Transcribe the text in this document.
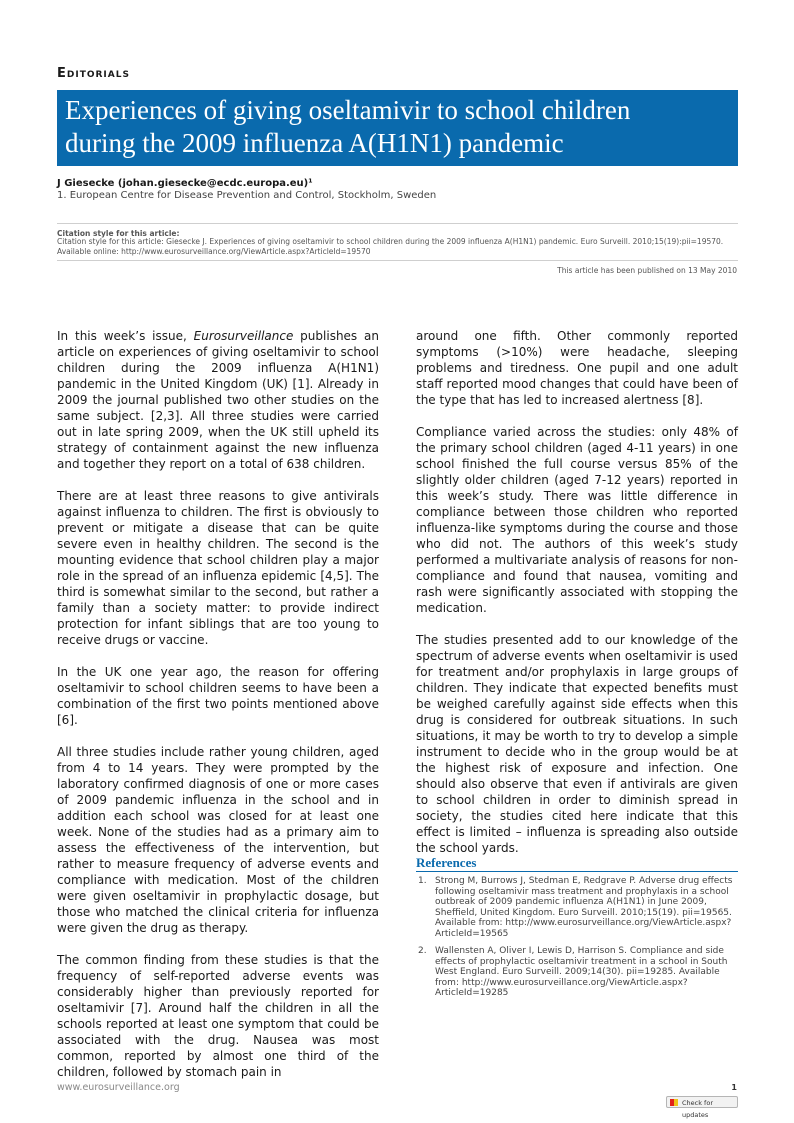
Editorials
Experiences of giving oseltamivir to school children
during the 2009 influenza A(H1N1) pandemic
J Giesecke (johan.giesecke@ecdc.europa.eu)¹
1. European Centre for Disease Prevention and Control, Stockholm, Sweden
Citation style for this article:
Citation style for this article: Giesecke J. Experiences of giving oseltamivir to school children during the 2009 influenza A(H1N1) pandemic. Euro Surveill. 2010;15(19):pii=19570. Available online: http://www.eurosurveillance.org/ViewArticle.aspx?ArticleId=19570
This article has been published on 13 May 2010

In this week’s issue, Eurosurveillance publishes an article on experiences of giving oseltamivir to school children during the 2009 influenza A(H1N1) pandemic in the United Kingdom (UK) [1]. Already in 2009 the journal published two other studies on the same subject. [2,3]. All three studies were carried out in late spring 2009, when the UK still upheld its strategy of containment against the new influenza and together they report on a total of 638 children.

There are at least three reasons to give antivirals against influenza to children. The first is obviously to prevent or mitigate a disease that can be quite severe even in healthy children. The second is the mounting evidence that school children play a major role in the spread of an influenza epidemic [4,5]. The third is somewhat similar to the second, but rather a family than a society matter: to provide indirect protection for infant siblings that are too young to receive drugs or vaccine.

In the UK one year ago, the reason for offering oseltamivir to school children seems to have been a combination of the first two points mentioned above [6].

All three studies include rather young children, aged from 4 to 14 years. They were prompted by the laboratory confirmed diagnosis of one or more cases of 2009 pandemic influenza in the school and in addition each school was closed for at least one week. None of the studies had as a primary aim to assess the effectiveness of the intervention, but rather to measure frequency of adverse events and compliance with medication. Most of the children were given oseltamivir in prophylactic dosage, but those who matched the clinical criteria for influenza were given the drug as therapy.

The common finding from these studies is that the frequency of self-reported adverse events was considerably higher than previously reported for oseltamivir [7]. Around half the children in all the schools reported at least one symptom that could be associated with the drug. Nausea was most common, reported by almost one third of the children, followed by stomach pain in

around one fifth. Other commonly reported symptoms (>10%) were headache, sleeping problems and tiredness. One pupil and one adult staff reported mood changes that could have been of the type that has led to increased alertness [8].

Compliance varied across the studies: only 48% of the primary school children (aged 4-11 years) in one school finished the full course versus 85% of the slightly older children (aged 7-12 years) reported in this week’s study. There was little difference in compliance between those children who reported influenza-like symptoms during the course and those who did not. The authors of this week’s study performed a multivariate analysis of reasons for non-compliance and found that nausea, vomiting and rash were significantly associated with stopping the medication.

The studies presented add to our knowledge of the spectrum of adverse events when oseltamivir is used for treatment and/or prophylaxis in large groups of children. They indicate that expected benefits must be weighed carefully against side effects when this drug is considered for outbreak situations. In such situations, it may be worth to try to develop a simple instrument to decide who in the group would be at the highest risk of exposure and infection. One should also observe that even if antivirals are given to school children in order to diminish spread in society, the studies cited here indicate that this effect is limited – influenza is spreading also outside the school yards.

References
1. Strong M, Burrows J, Stedman E, Redgrave P. Adverse drug effects following oseltamivir mass treatment and prophylaxis in a school outbreak of 2009 pandemic influenza A(H1N1) in June 2009, Sheffield, United Kingdom. Euro Surveill. 2010;15(19). pii=19565. Available from: http://www.eurosurveillance.org/ViewArticle.aspx?ArticleId=19565
2. Wallensten A, Oliver I, Lewis D, Harrison S. Compliance and side effects of prophylactic oseltamivir treatment in a school in South West England. Euro Surveill. 2009;14(30). pii=19285. Available from: http://www.eurosurveillance.org/ViewArticle.aspx?ArticleId=19285
www.eurosurveillance.org	1
Check for updates
